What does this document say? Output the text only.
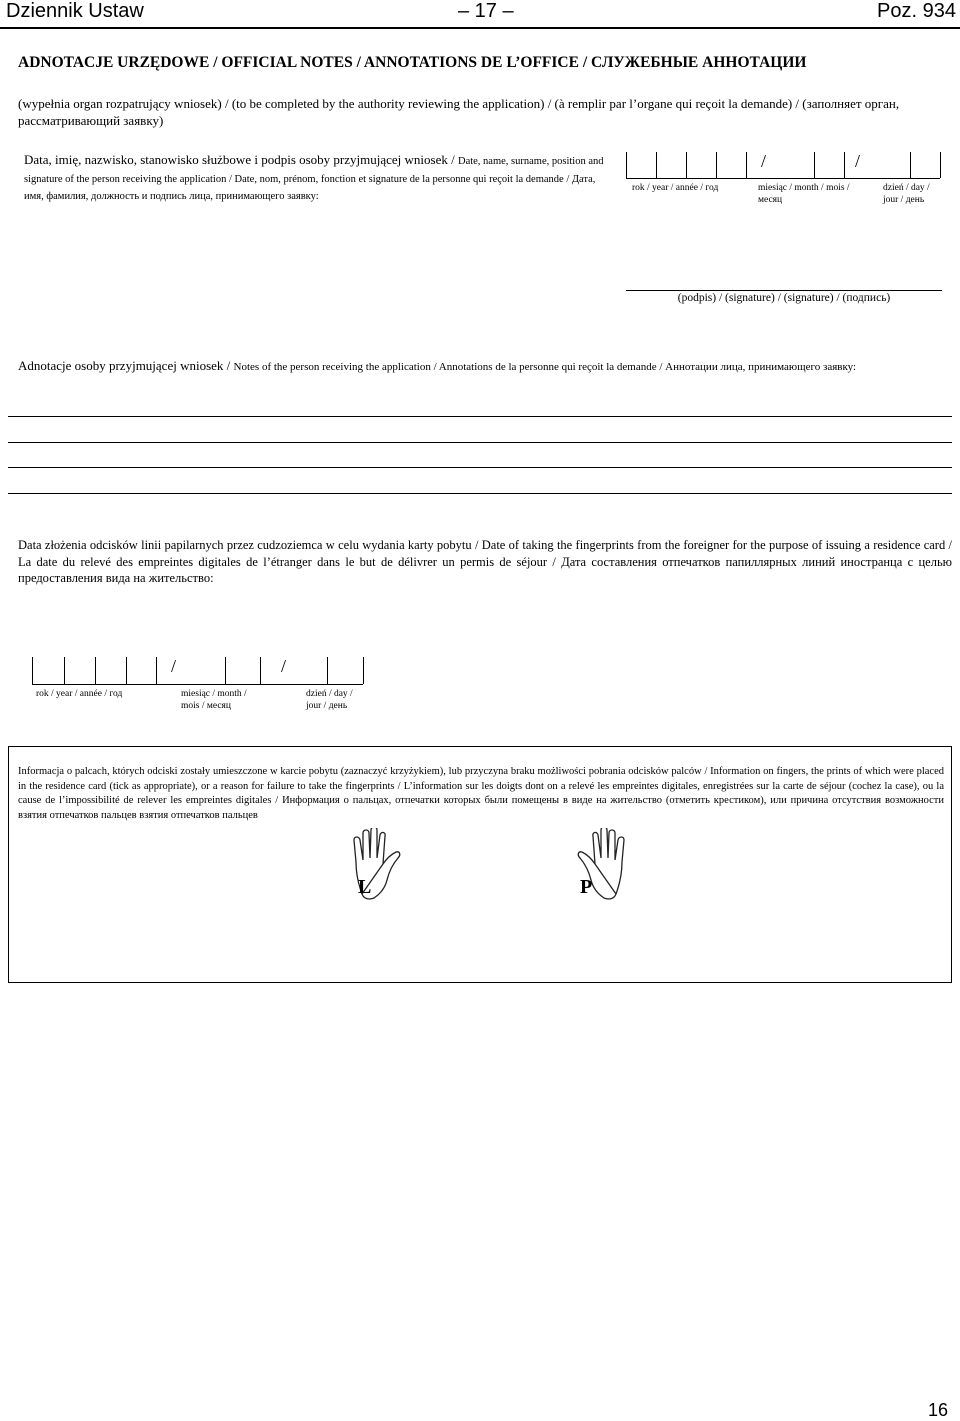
Dziennik Ustaw	– 17 –	Poz. 934
ADNOTACJE URZĘDOWE / OFFICIAL NOTES / ANNOTATIONS DE L’OFFICE / СЛУЖЕБНЫЕ АННОТАЦИИ
(wypełnia organ rozpatrujący wniosek) / (to be completed by the authority reviewing the application) / (à remplir par l’organe qui reçoit la demande) / (заполняет орган, рассматривающий заявку)
Data, imię, nazwisko, stanowisko służbowe i podpis osoby przyjmującej wniosek / Date, name, surname, position and signature of the person receiving the application / Date, nom, prénom, fonction et signature de la personne qui reçoit la demande / Дата, имя, фамилия, должность и подпись лица, принимающего заявку:
/	/
rok / year / année / год	miesiąc / month / mois / месяц
dzień / day / jour / день
(podpis) / (signature) / (signature) / (подпись)
Adnotacje osoby przyjmującej wniosek / Notes of the person receiving the application / Annotations de la personne qui reçoit la demande / Аннотации лица, принимающего заявку:
Data złożenia odcisków linii papilarnych przez cudzoziemca w celu wydania karty pobytu / Date of taking the fingerprints from the foreigner for the purpose of issuing a residence card / La date du relevé des empreintes digitales de l’étranger dans le but de délivrer un permis de séjour / Дата составления отпечатков папиллярных линий иностранца с целью предоставления вида на жительство:
/	/
rok / year / année / год	miesiąc / month / mois / месяц
dzień / day / jour / день
Informacja o palcach, których odciski zostały umieszczone w karcie pobytu (zaznaczyć krzyżykiem), lub przyczyna braku możliwości pobrania odcisków palców / Information on fingers, the prints of which were placed in the residence card (tick as appropriate), or a reason for failure to take the fingerprints / L’information sur les doigts dont on a relevé les empreintes digitales, enregistrées sur la carte de séjour (cochez la case), ou la cause de l’impossibilité de relever les empreintes digitales / Информация о пальцах, отпечатки которых были помещены в виде на жительство (отметить крестиком), или причина отсутствия возможности взятия отпечатков пальцев взятия отпечатков пальцев
L	P
16
